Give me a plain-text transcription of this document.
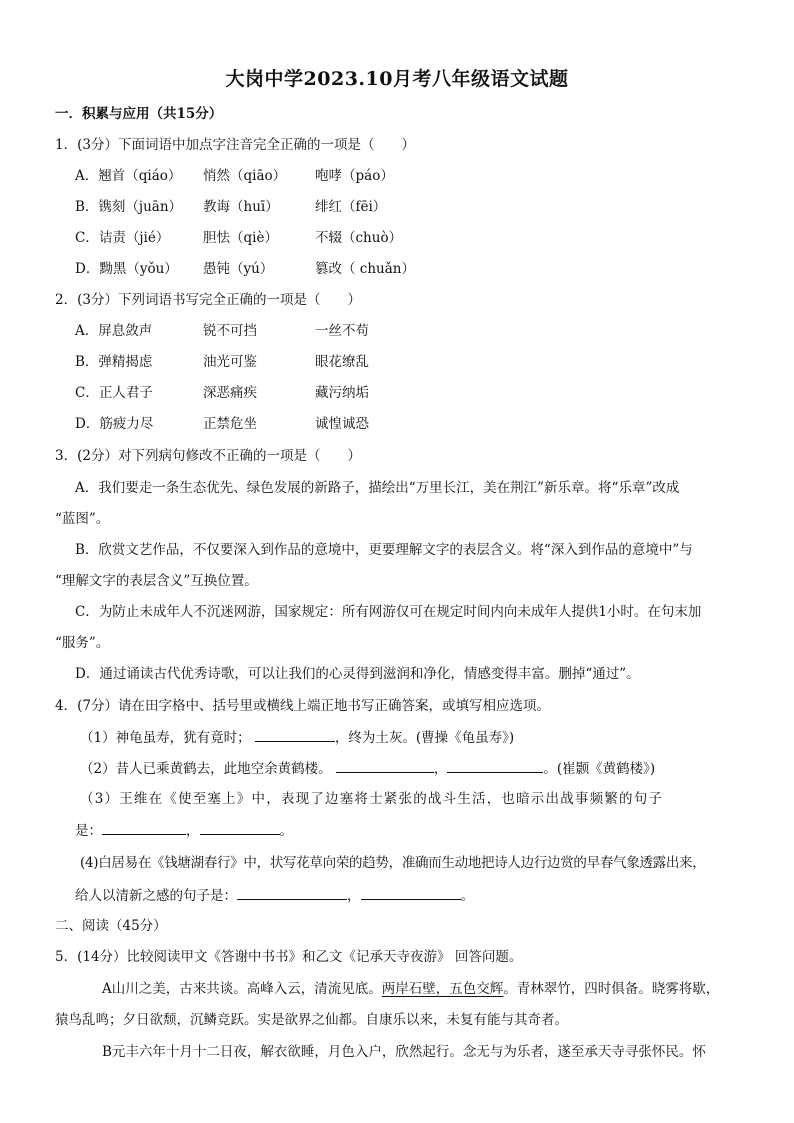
大岗中学2023.10月考八年级语文试题
一．积累与应用（共15分）
1．(3分）下面词语中加点字注音完全正确的一项是（　　）
A．翘首（qiáo） 悄然（qiāo） 咆哮（páo）
B．镌刻（juān） 教诲（huī）	绯红（fēi）
C．诘责（jié） 胆怯（qiè）	不辍（chuò）
D．黝黑（yǒu） 愚钝（yú）	篡改（ chuǎn）
2．(3分）下列词语书写完全正确的一项是（　　）
A．屏息敛声	锐不可挡	一丝不苟
B．弹精揭虑	油光可鉴	眼花缭乱
C．正人君子	深恶痛疾	藏污纳垢
D．筋疲力尽	正禁危坐	诚惶诚恐
3．(2分）对下列病句修改不正确的一项是（　　）
A．我们要走一条生态优先、绿色发展的新路子，描绘出“万里长江，美在荆江”新乐章。将“乐章”改成
“蓝图”。
B．欣赏文艺作品，不仅要深入到作品的意境中，更要理解文字的表层含义。将“深入到作品的意境中”与
“理解文字的表层含义”互换位置。
C．为防止未成年人不沉迷网游，国家规定：所有网游仅可在规定时间内向未成年人提供1小时。在句末加
“服务”。
D．通过诵读古代优秀诗歌，可以让我们的心灵得到滋润和净化，情感变得丰富。删掉“通过”。
4．(7分）请在田字格中、括号里或横线上端正地书写正确答案，或填写相应选项。
（1）神龟虽寿，犹有竟时；	，终为土灰。(曹操《龟虽寿》)
（2）昔人已乘黄鹤去，此地空余黄鹤楼。	，	。(崔颢《黄鹤楼》)
（3）王维在《使至塞上》中，表现了边塞将士紧张的战斗生活，也暗示出战事频繁的句子
是：	，	。
(4)白居易在《钱塘湖春行》中，状写花草向荣的趋势，准确而生动地把诗人边行边赏的早春气象透露出来，
给人以清新之感的句子是：	，	。
二、阅读（45分）
5．(14分）比较阅读甲文《答谢中书书》和乙文《记承天寺夜游》 回答问题。
A山川之美，古来共谈。高峰入云，清流见底。两岸石壁，五色交辉。青林翠竹，四时俱备。晓雾将歇，
猿鸟乱鸣；夕日欲颓，沉鳞竞跃。实是欲界之仙都。自康乐以来，未复有能与其奇者。
B元丰六年十月十二日夜，解衣欲睡，月色入户，欣然起行。念无与为乐者，遂至承天寺寻张怀民。怀
